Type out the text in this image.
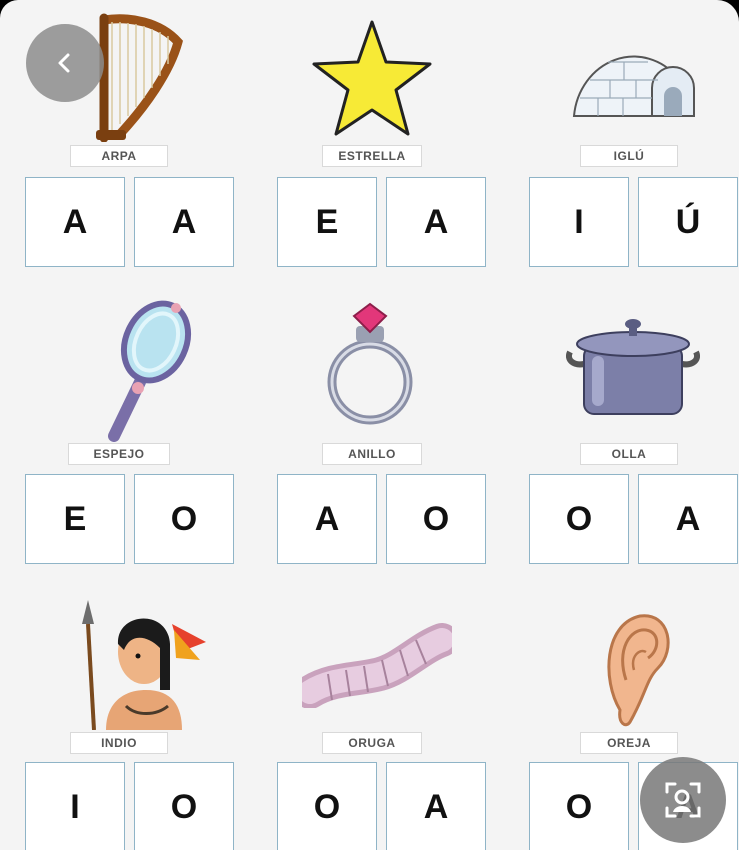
ARPA
A	A
ESTRELLA
E	A
IGLÚ
I	Ú
ESPEJO
E	O
ANILLO
A	O
OLLA
O	A
INDIO
I	O
ORUGA
O	A
OREJA
O
